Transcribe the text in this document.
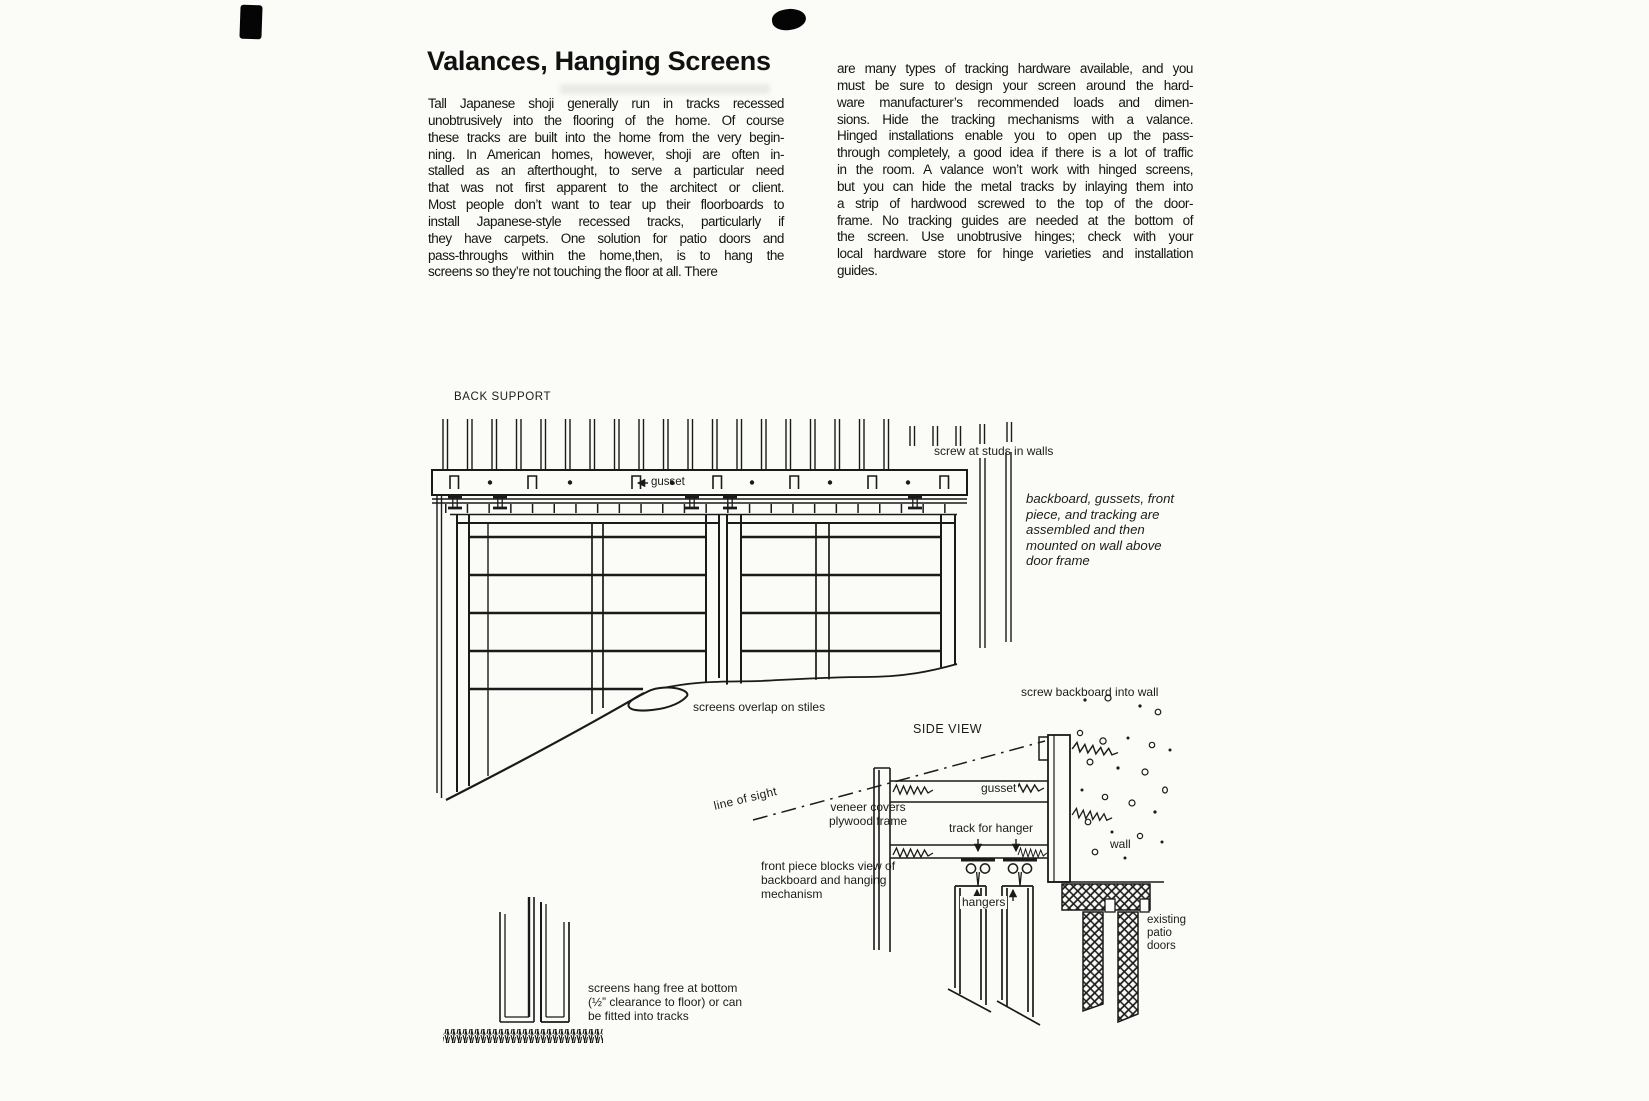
Valances, Hanging Screens
Tall Japanese shoji generally run in tracks recessed
unobtrusively into the flooring of the home. Of course
these tracks are built into the home from the very begin-
ning. In American homes, however, shoji are often in-
stalled as an afterthought, to serve a particular need
that was not first apparent to the architect or client.
Most people don’t want to tear up their floorboards to
install Japanese-style recessed tracks, particularly if
they have carpets. One solution for patio doors and
pass-throughs within the home,then, is to hang the
screens so they’re not touching the floor at all. There
are many types of tracking hardware available, and you
must be sure to design your screen around the hard-
ware manufacturer’s recommended loads and dimen-
sions. Hide the tracking mechanisms with a valance.
Hinged installations enable you to open up the pass-
through completely, a good idea if there is a lot of traffic
in the room. A valance won’t work with hinged screens,
but you can hide the metal tracks by inlaying them into
a strip of hardwood screwed to the top of the door-
frame. No tracking guides are needed at the bottom of
the screen. Use unobtrusive hinges; check with your
local hardware store for hinge varieties and installation
guides.
BACK SUPPORT
screw at studs in walls
gusset
backboard, gussets, front
piece, and tracking are
assembled and then
mounted on wall above
door frame
screens overlap on stiles
SIDE VIEW
screw backboard into wall
line of sight	veneer covers
plywood frame
gusset
track for hanger
hangers
front piece blocks view of
backboard and hanging
mechanism
wall
existing
patio
doors
screens hang free at bottom
(½” clearance to floor) or can
be fitted into tracks
